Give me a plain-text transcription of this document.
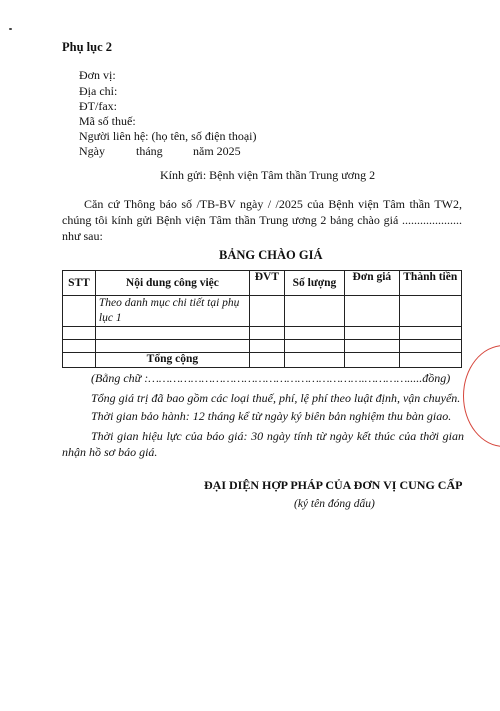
Phụ lục 2
Đơn vị:
Địa chỉ:
ĐT/fax:
Mã số thuế:
Người liên hệ: (họ tên, số điện thoại)
Ngày	tháng	năm 2025
Kính gửi: Bệnh viện Tâm thần Trung ương 2
Căn cứ Thông báo số /TB-BV ngày / /2025 của Bệnh viện Tâm thần TW2, chúng tôi kính gửi Bệnh viện Tâm thần Trung ương 2 bảng chào giá .................... như sau:
BẢNG CHÀO GIÁ
STT	Nội dung công việc	ĐVT	Số lượng	Đơn giá	Thành tiền
	Theo danh mục chi tiết tại phụ lục 1				

	Tổng cộng				
(Bằng chữ :…………………………………………………….………….....đồng)
Tổng giá trị đã bao gồm các loại thuế, phí, lệ phí theo luật định, vận chuyển.
Thời gian bảo hành: 12 tháng kể từ ngày ký biên bản nghiệm thu bàn giao.
Thời gian hiệu lực của báo giá: 30 ngày tính từ ngày kết thúc của thời gian nhận hồ sơ báo giá.
ĐẠI DIỆN HỢP PHÁP CỦA ĐƠN VỊ CUNG CẤP
(ký tên đóng dấu)
